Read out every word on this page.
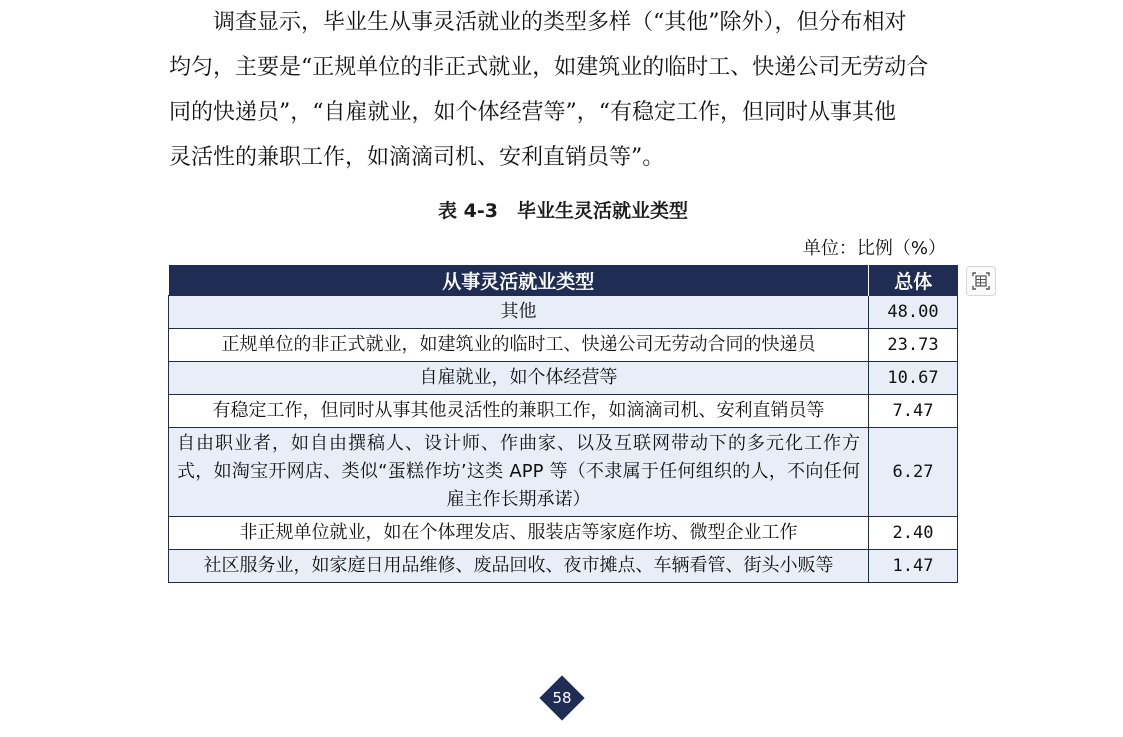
调查显示，毕业生从事灵活就业的类型多样（“其他”除外），但分布相对
均匀，主要是“正规单位的非正式就业，如建筑业的临时工、快递公司无劳动合
同的快递员”，“自雇就业，如个体经营等”，“有稳定工作，但同时从事其他
灵活性的兼职工作，如滴滴司机、安利直销员等”。
表 4-3　毕业生灵活就业类型
单位：比例（%）
从事灵活就业类型	总体
其他	48.00
正规单位的非正式就业，如建筑业的临时工、快递公司无劳动合同的快递员	23.73
自雇就业，如个体经营等	10.67
有稳定工作，但同时从事其他灵活性的兼职工作，如滴滴司机、安利直销员等	7.47
自由职业者，如自由撰稿人、设计师、作曲家、以及互联网带动下的多元化工作方式，如淘宝开网店、类似“蛋糕作坊’这类 APP 等（不隶属于任何组织的人，不向任何雇主作长期承诺）	6.27
非正规单位就业，如在个体理发店、服装店等家庭作坊、微型企业工作	2.40
社区服务业，如家庭日用品维修、废品回收、夜市摊点、车辆看管、街头小贩等	1.47
58
